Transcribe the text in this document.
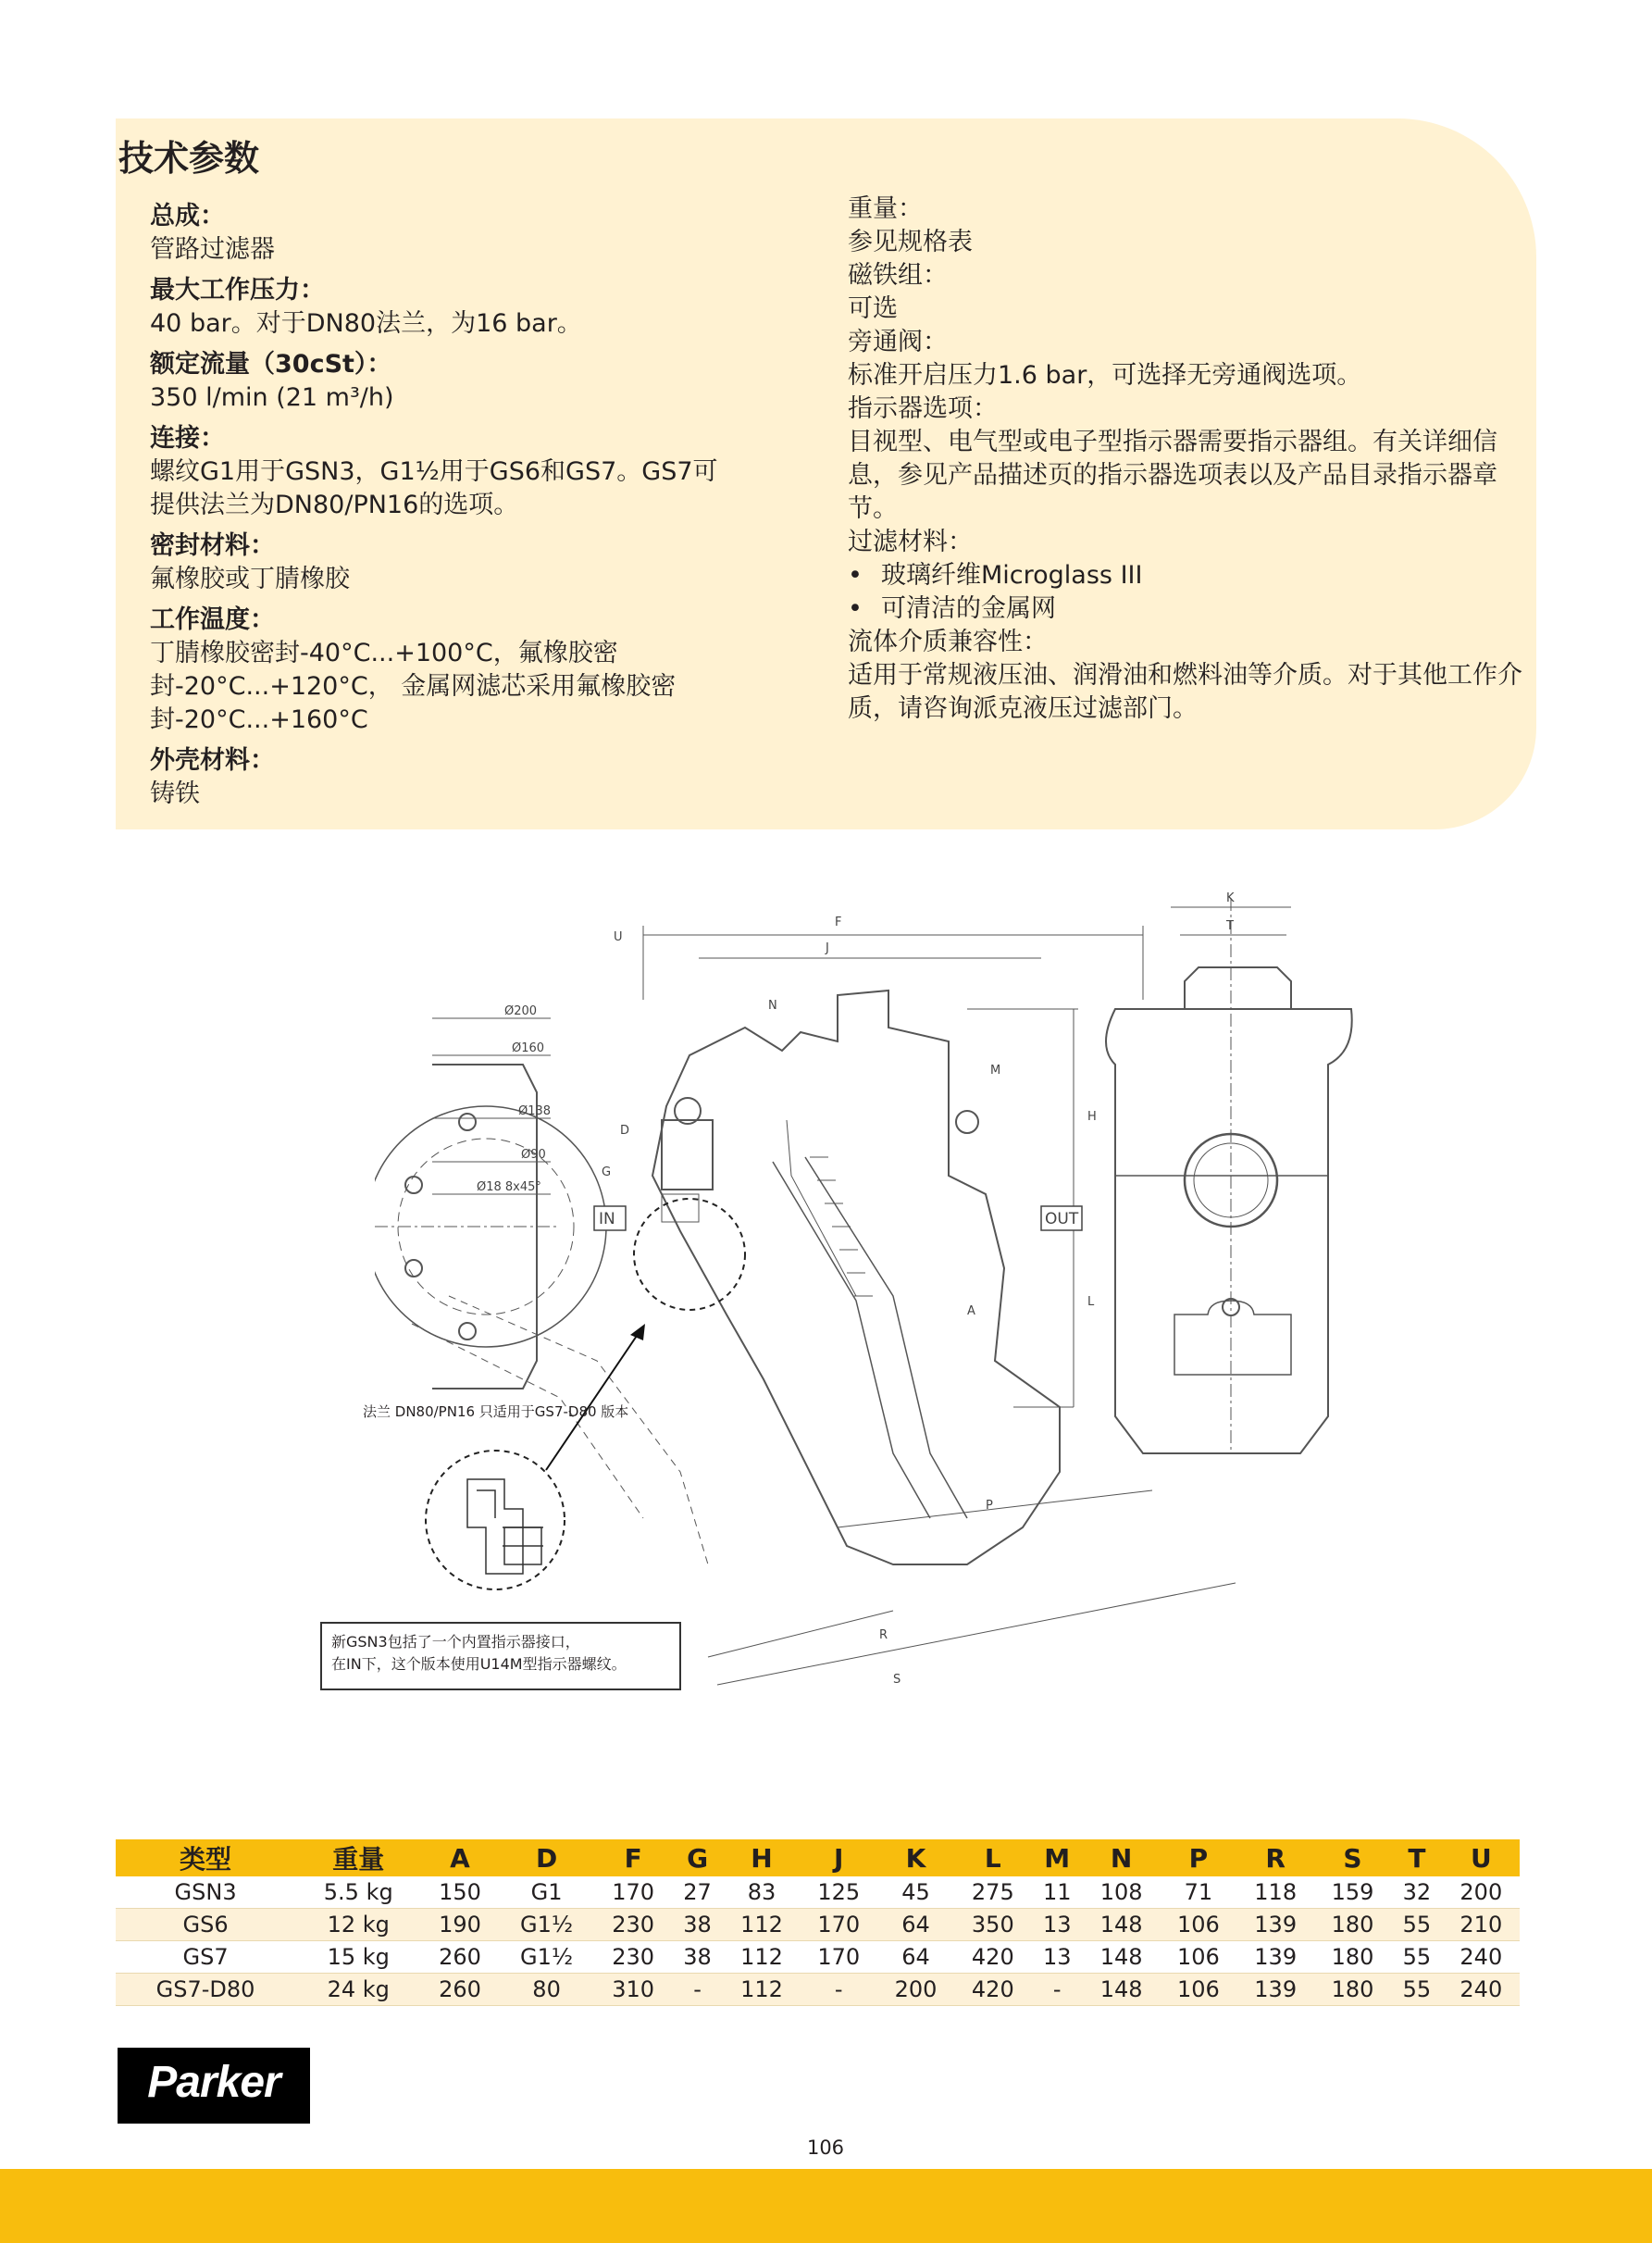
技术参数
总成：
管路过滤器
最大工作压力：
40 bar。对于DN80法兰，为16 bar。
额定流量（30cSt）：
350 l/min (21 m³/h)
连接：
螺纹G1用于GSN3，G1½用于GS6和GS7。GS7可提供法兰为DN80/PN16的选项。
密封材料：
氟橡胶或丁腈橡胶
工作温度：
丁腈橡胶密封-40°C...+100°C，氟橡胶密封-20°C...+120°C， 金属网滤芯采用氟橡胶密封-20°C...+160°C
外壳材料：
铸铁
重量：
参见规格表
磁铁组：
可选
旁通阀：
标准开启压力1.6 bar，可选择无旁通阀选项。
指示器选项：
目视型、电气型或电子型指示器需要指示器组。有关详细信息，参见产品描述页的指示器选项表以及产品目录指示器章节。
过滤材料：
• 玻璃纤维Microglass III
• 可清洁的金属网
流体介质兼容性：
适用于常规液压油、润滑油和燃料油等介质。对于其他工作介质，请咨询派克液压过滤部门。
IN	OUT
Ø200
Ø160
Ø138
Ø90
Ø18 8x45°
F
J
U
K
T
A
D
G
H
L
M
N
P
R
S
法兰 DN80/PN16 只适用于GS7-D80 版本
新GSN3包括了一个内置指示器接口，
在IN下，这个版本使用U14M型指示器螺纹。
类型	重量	A	D	F	G	H	J	K	L	M	N	P	R	S	T	U
GSN3	5.5 kg	150	G1	170	27	83	125	45	275	11	108	71	118	159	32	200
GS6	12 kg	190	G1½	230	38	112	170	64	350	13	148	106	139	180	55	210
GS7	15 kg	260	G1½	230	38	112	170	64	420	13	148	106	139	180	55	240
GS7-D80	24 kg	260	80	310	-	112	-	200	420	-	148	106	139	180	55	240
Parker
106
